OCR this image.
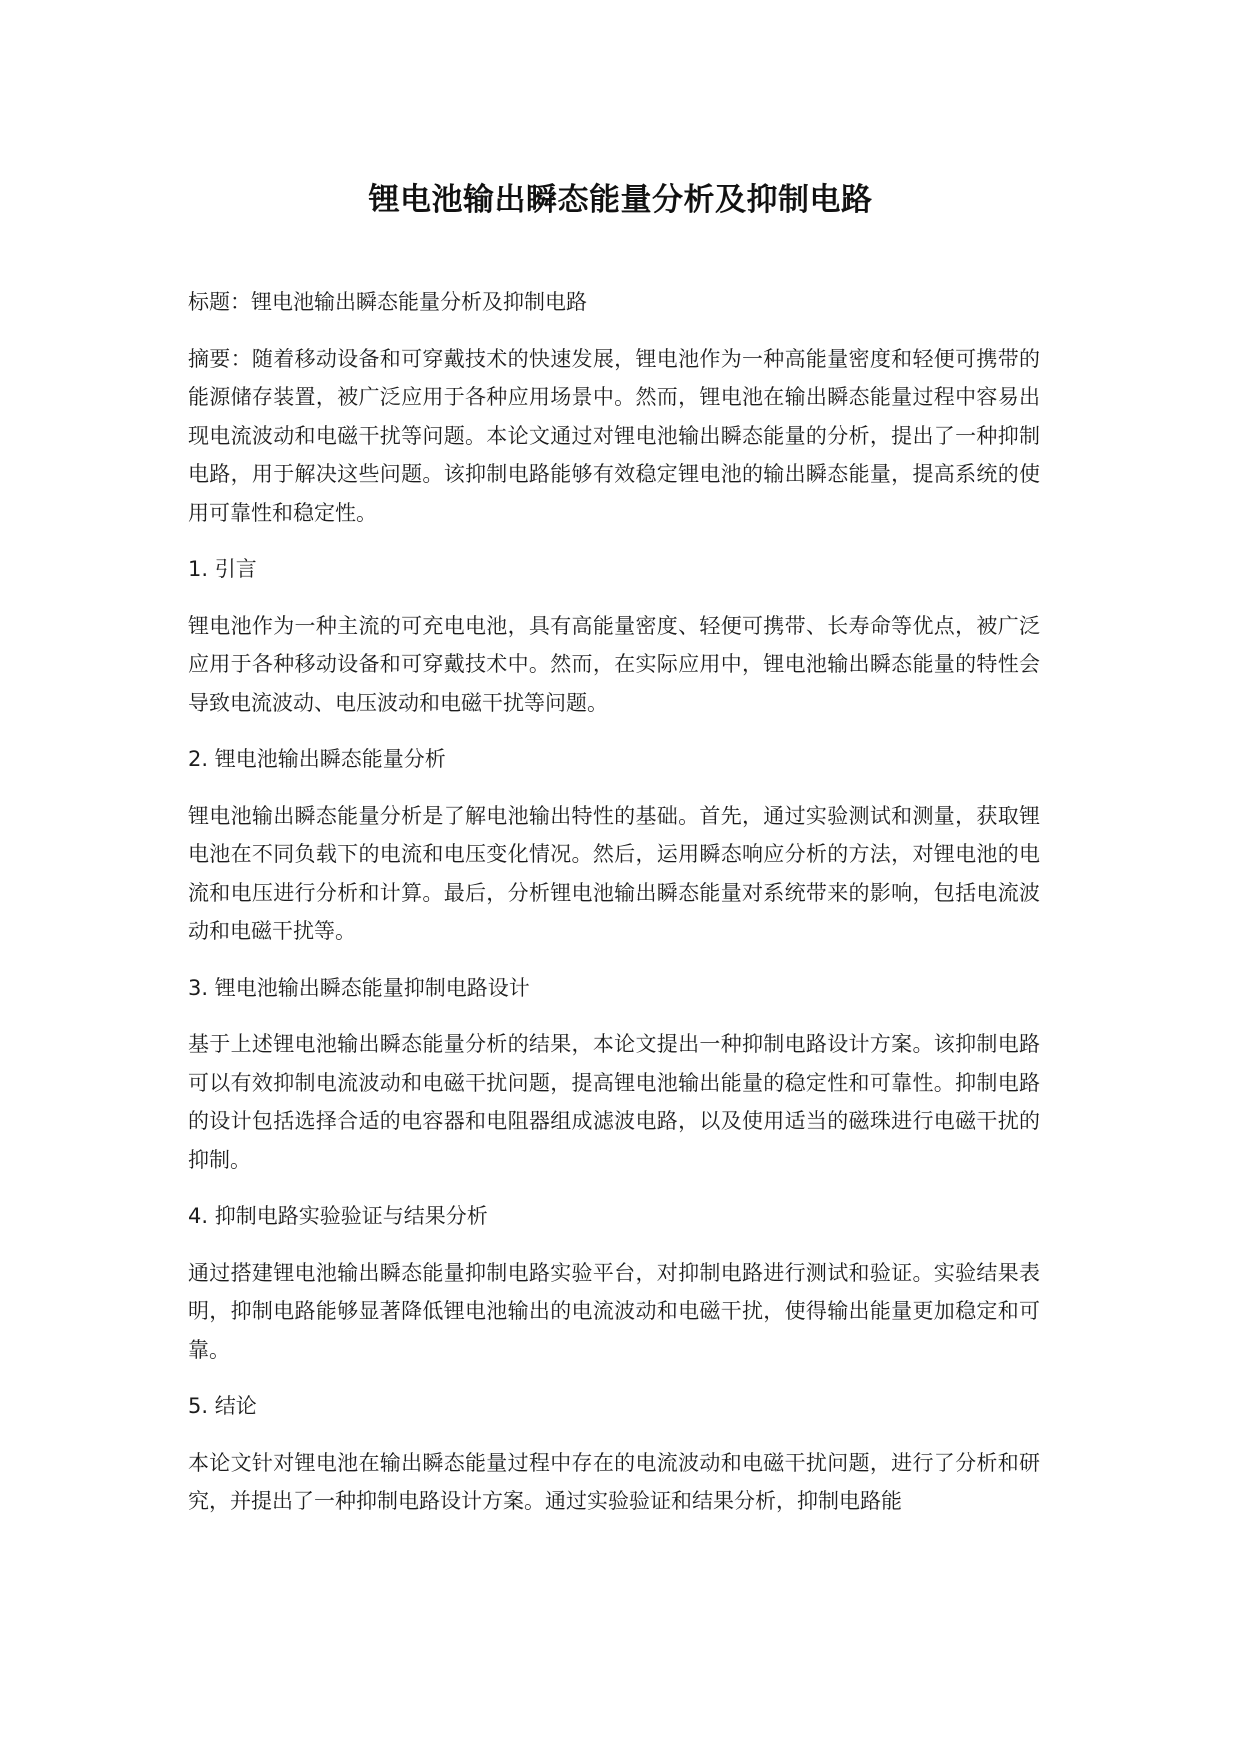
锂电池输出瞬态能量分析及抑制电路

标题：锂电池输出瞬态能量分析及抑制电路

摘要：随着移动设备和可穿戴技术的快速发展，锂电池作为一种高能量密度和轻便可携带的能源储存装置，被广泛应用于各种应用场景中。然而，锂电池在输出瞬态能量过程中容易出现电流波动和电磁干扰等问题。本论文通过对锂电池输出瞬态能量的分析，提出了一种抑制电路，用于解决这些问题。该抑制电路能够有效稳定锂电池的输出瞬态能量，提高系统的使用可靠性和稳定性。

1. 引言

锂电池作为一种主流的可充电电池，具有高能量密度、轻便可携带、长寿命等优点，被广泛应用于各种移动设备和可穿戴技术中。然而，在实际应用中，锂电池输出瞬态能量的特性会导致电流波动、电压波动和电磁干扰等问题。

2. 锂电池输出瞬态能量分析

锂电池输出瞬态能量分析是了解电池输出特性的基础。首先，通过实验测试和测量，获取锂电池在不同负载下的电流和电压变化情况。然后，运用瞬态响应分析的方法，对锂电池的电流和电压进行分析和计算。最后，分析锂电池输出瞬态能量对系统带来的影响，包括电流波动和电磁干扰等。

3. 锂电池输出瞬态能量抑制电路设计

基于上述锂电池输出瞬态能量分析的结果，本论文提出一种抑制电路设计方案。该抑制电路可以有效抑制电流波动和电磁干扰问题，提高锂电池输出能量的稳定性和可靠性。抑制电路的设计包括选择合适的电容器和电阻器组成滤波电路，以及使用适当的磁珠进行电磁干扰的抑制。

4. 抑制电路实验验证与结果分析

通过搭建锂电池输出瞬态能量抑制电路实验平台，对抑制电路进行测试和验证。实验结果表明，抑制电路能够显著降低锂电池输出的电流波动和电磁干扰，使得输出能量更加稳定和可靠。

5. 结论

本论文针对锂电池在输出瞬态能量过程中存在的电流波动和电磁干扰问题，进行了分析和研究，并提出了一种抑制电路设计方案。通过实验验证和结果分析，抑制电路能
